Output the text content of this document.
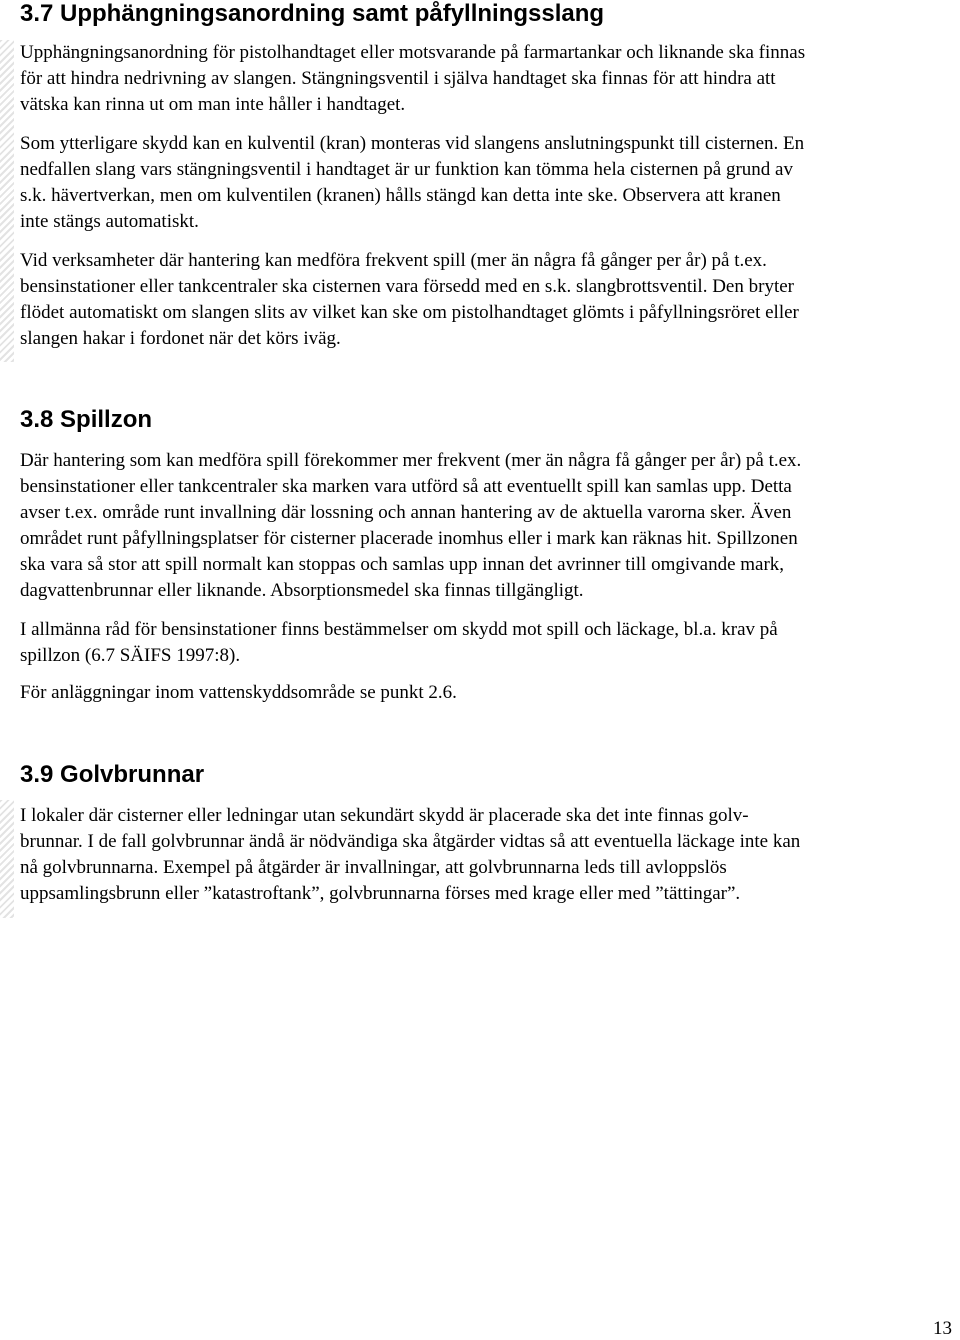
3.7 Upphängningsanordning samt påfyllningsslang

Upphängningsanordning för pistolhandtaget eller motsvarande på farmartankar och liknande ska finnas
för att hindra nedrivning av slangen. Stängningsventil i själva handtaget ska finnas för att hindra att
vätska kan rinna ut om man inte håller i handtaget.

Som ytterligare skydd kan en kulventil (kran) monteras vid slangens anslutningspunkt till cisternen. En
nedfallen slang vars stängningsventil i handtaget är ur funktion kan tömma hela cisternen på grund av
s.k. hävertverkan, men om kulventilen (kranen) hålls stängd kan detta inte ske. Observera att kranen
inte stängs automatiskt.

Vid verksamheter där hantering kan medföra frekvent spill (mer än några få gånger per år) på t.ex.
bensinstationer eller tankcentraler ska cisternen vara försedd med en s.k. slangbrottsventil. Den bryter
flödet automatiskt om slangen slits av vilket kan ske om pistolhandtaget glömts i påfyllningsröret eller
slangen hakar i fordonet när det körs iväg.

3.8 Spillzon

Där hantering som kan medföra spill förekommer mer frekvent (mer än några få gånger per år) på t.ex.
bensinstationer eller tankcentraler ska marken vara utförd så att eventuellt spill kan samlas upp. Detta
avser t.ex. område runt invallning där lossning och annan hantering av de aktuella varorna sker. Även
området runt påfyllningsplatser för cisterner placerade inomhus eller i mark kan räknas hit. Spillzonen
ska vara så stor att spill normalt kan stoppas och samlas upp innan det avrinner till omgivande mark,
dagvattenbrunnar eller liknande. Absorptionsmedel ska finnas tillgängligt.

I allmänna råd för bensinstationer finns bestämmelser om skydd mot spill och läckage, bl.a. krav på
spillzon (6.7 SÄIFS 1997:8).

För anläggningar inom vattenskyddsområde se punkt 2.6.

3.9 Golvbrunnar

I lokaler där cisterner eller ledningar utan sekundärt skydd är placerade ska det inte finnas golv-
brunnar. I de fall golvbrunnar ändå är nödvändiga ska åtgärder vidtas så att eventuella läckage inte kan
nå golvbrunnarna. Exempel på åtgärder är invallningar, att golvbrunnarna leds till avloppslös
uppsamlingsbrunn eller ”katastroftank”, golvbrunnarna förses med krage eller med ”tättingar”.

13
